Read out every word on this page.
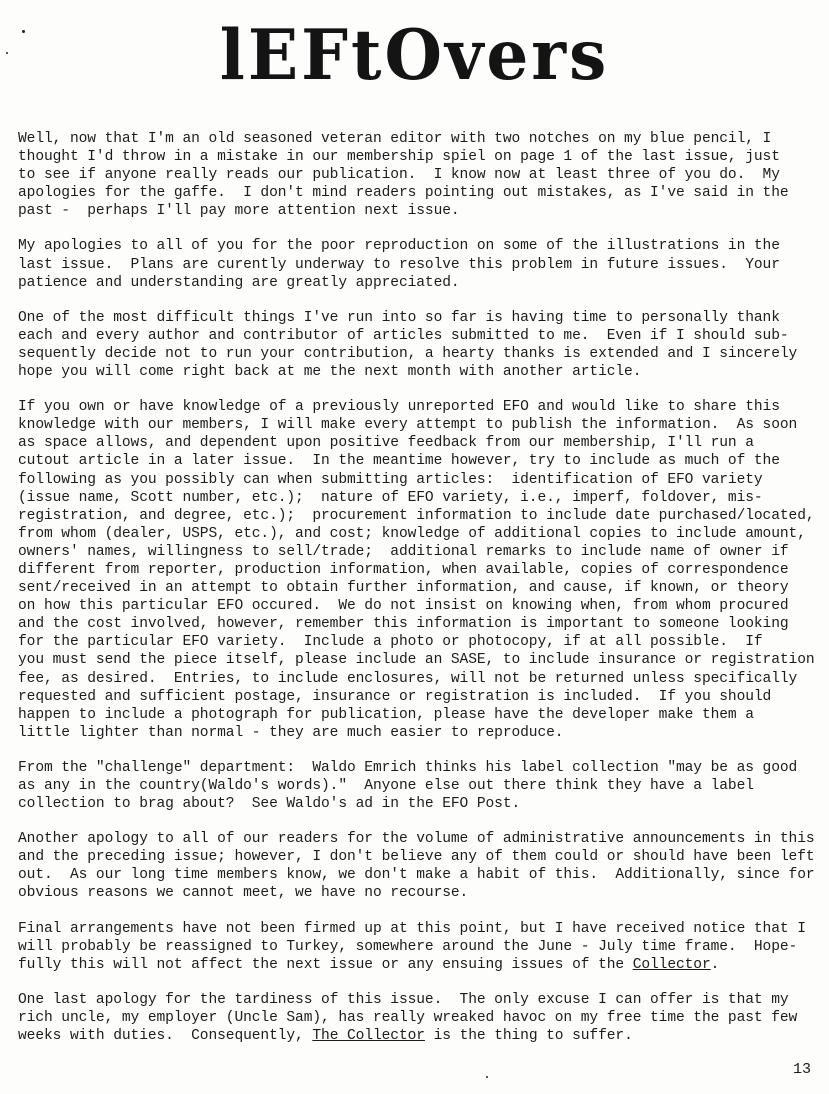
lEFtOvers
Well, now that I'm an old seasoned veteran editor with two notches on my blue pencil, I
thought I'd throw in a mistake in our membership spiel on page 1 of the last issue, just
to see if anyone really reads our publication.  I know now at least three of you do.  My
apologies for the gaffe.  I don't mind readers pointing out mistakes, as I've said in the
past -  perhaps I'll pay more attention next issue.
My apologies to all of you for the poor reproduction on some of the illustrations in the
last issue.  Plans are curently underway to resolve this problem in future issues.  Your
patience and understanding are greatly appreciated.
One of the most difficult things I've run into so far is having time to personally thank
each and every author and contributor of articles submitted to me.  Even if I should sub-
sequently decide not to run your contribution, a hearty thanks is extended and I sincerely
hope you will come right back at me the next month with another article.
If you own or have knowledge of a previously unreported EFO and would like to share this
knowledge with our members, I will make every attempt to publish the information.  As soon
as space allows, and dependent upon positive feedback from our membership, I'll run a
cutout article in a later issue.  In the meantime however, try to include as much of the
following as you possibly can when submitting articles:  identification of EFO variety
(issue name, Scott number, etc.);  nature of EFO variety, i.e., imperf, foldover, mis-
registration, and degree, etc.);  procurement information to include date purchased/located,
from whom (dealer, USPS, etc.), and cost; knowledge of additional copies to include amount,
owners' names, willingness to sell/trade;  additional remarks to include name of owner if
different from reporter, production information, when available, copies of correspondence
sent/received in an attempt to obtain further information, and cause, if known, or theory
on how this particular EFO occured.  We do not insist on knowing when, from whom procured
and the cost involved, however, remember this information is important to someone looking
for the particular EFO variety.  Include a photo or photocopy, if at all possible.  If
you must send the piece itself, please include an SASE, to include insurance or registration
fee, as desired.  Entries, to include enclosures, will not be returned unless specifically
requested and sufficient postage, insurance or registration is included.  If you should
happen to include a photograph for publication, please have the developer make them a
little lighter than normal - they are much easier to reproduce.
From the "challenge" department:  Waldo Emrich thinks his label collection "may be as good
as any in the country(Waldo's words)."  Anyone else out there think they have a label
collection to brag about?  See Waldo's ad in the EFO Post.
Another apology to all of our readers for the volume of administrative announcements in this
and the preceding issue; however, I don't believe any of them could or should have been left
out.  As our long time members know, we don't make a habit of this.  Additionally, since for
obvious reasons we cannot meet, we have no recourse.
Final arrangements have not been firmed up at this point, but I have received notice that I
will probably be reassigned to Turkey, somewhere around the June - July time frame.  Hope-
fully this will not affect the next issue or any ensuing issues of the Collector.
One last apology for the tardiness of this issue.  The only excuse I can offer is that my
rich uncle, my employer (Uncle Sam), has really wreaked havoc on my free time the past few
weeks with duties.  Consequently, The Collector is the thing to suffer.
13
